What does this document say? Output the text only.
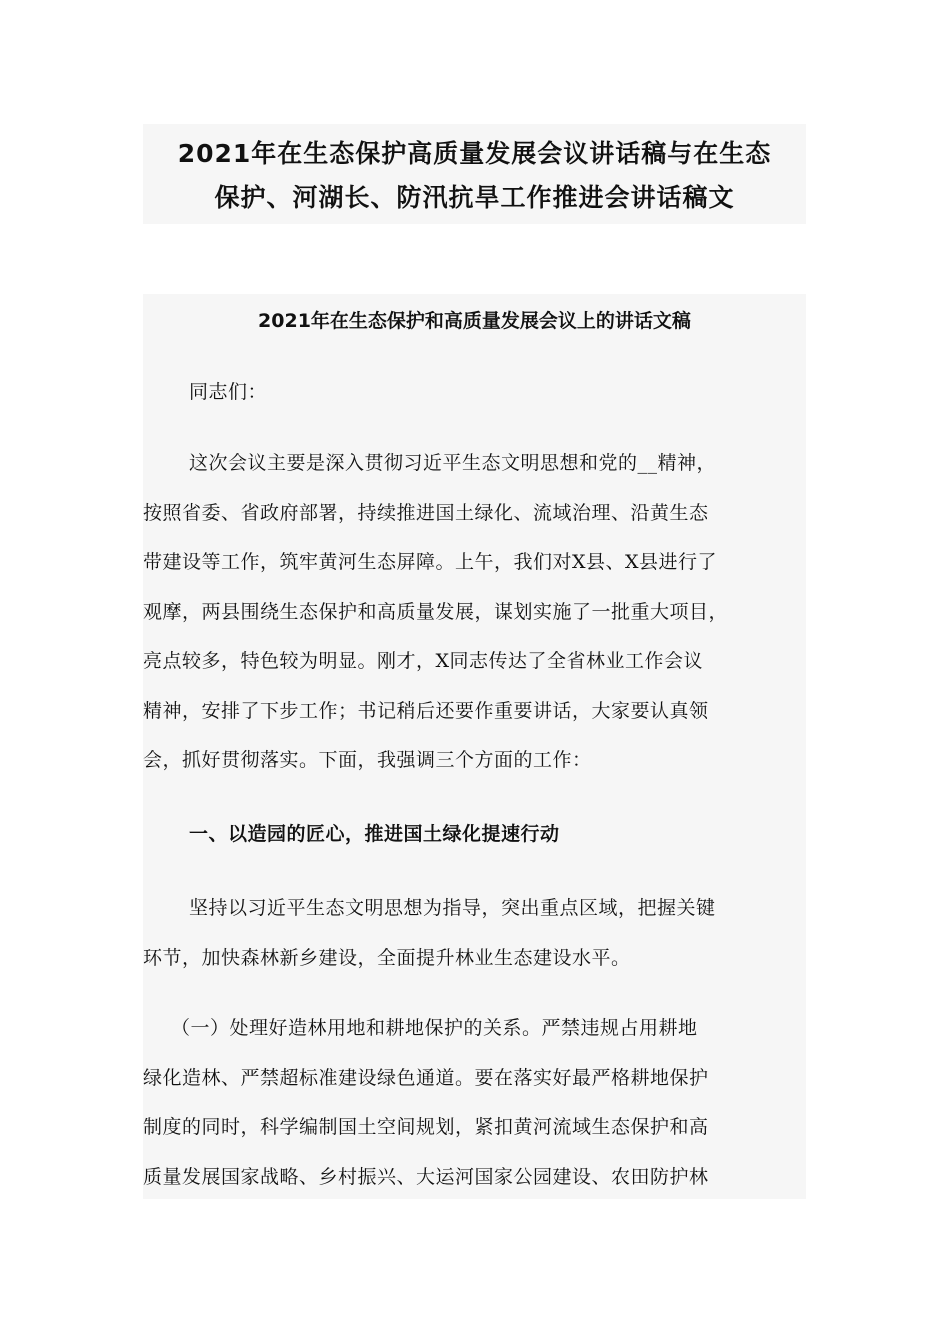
2021年在生态保护高质量发展会议讲话稿与在生态
保护、河湖长、防汛抗旱工作推进会讲话稿文
2021年在生态保护和高质量发展会议上的讲话文稿

同志们：

这次会议主要是深入贯彻习近平生态文明思想和党的__精神，
按照省委、省政府部署，持续推进国土绿化、流域治理、沿黄生态
带建设等工作，筑牢黄河生态屏障。上午，我们对X县、X县进行了
观摩，两县围绕生态保护和高质量发展，谋划实施了一批重大项目，
亮点较多，特色较为明显。刚才，X同志传达了全省林业工作会议
精神，安排了下步工作；书记稍后还要作重要讲话，大家要认真领
会，抓好贯彻落实。下面，我强调三个方面的工作：

一、以造园的匠心，推进国土绿化提速行动

坚持以习近平生态文明思想为指导，突出重点区域，把握关键
环节，加快森林新乡建设，全面提升林业生态建设水平。

（一）处理好造林用地和耕地保护的关系。严禁违规占用耕地
绿化造林、严禁超标准建设绿色通道。要在落实好最严格耕地保护
制度的同时，科学编制国土空间规划，紧扣黄河流域生态保护和高
质量发展国家战略、乡村振兴、大运河国家公园建设、农田防护林
